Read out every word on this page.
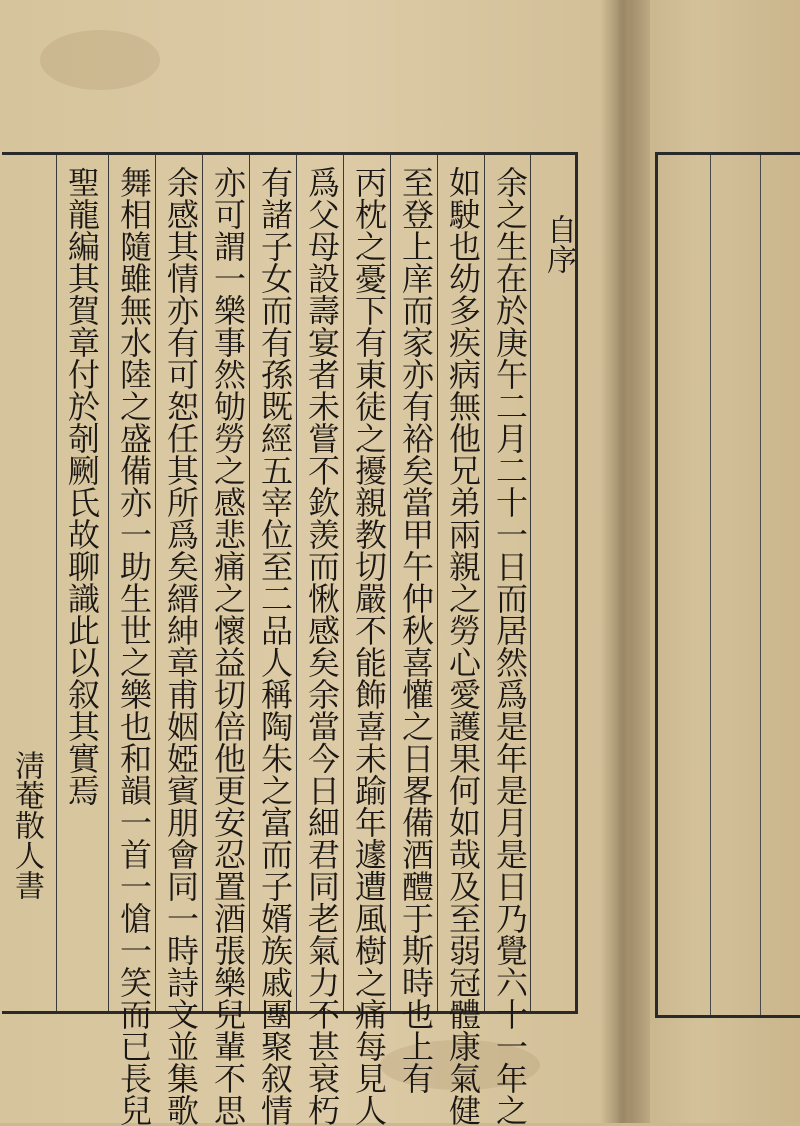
自序
余之生在於庚午二月二十一日而居然爲是年是月是日乃覺六十一年之
如駛也幼多疾病無他兄弟兩親之勞心愛護果何如哉及至弱冠體康氣健
至登上庠而家亦有裕矣當甲午仲秋喜懽之日畧備酒醴于斯時也上有
丙枕之憂下有東徒之擾親教切嚴不能飾喜未踰年遽遭風樹之痛每見人
爲父母設壽宴者未嘗不欽羡而愀感矣余當今日細君同老氣力不甚衰朽
有諸子女而有孫既經五宰位至二品人稱陶朱之富而子婿族戚團聚叙情
亦可謂一樂事然劬勞之感悲痛之懷益切倍他更安忍置酒張樂兒輩不思
余感其情亦有可恕任其所爲矣縉紳章甫姻婭賓朋會同一時詩文並集歌
舞相隨雖無水陸之盛備亦一助生世之樂也和韻一首一愴一笑而已長兒
聖龍編其賀章付於剞劂氏故聊識此以叙其實焉
淸菴散人書
